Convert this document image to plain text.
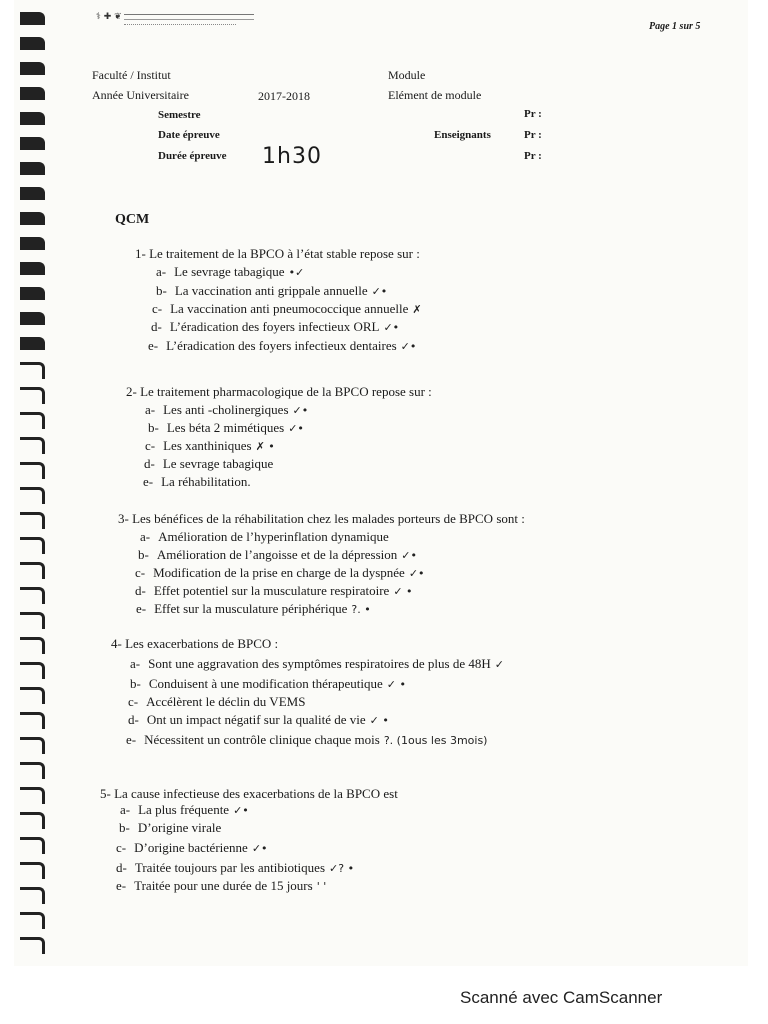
⚕ ✚ ❦
Page 1 sur 5
Faculté / Institut
Année Universitaire	2017-2018
Module
Elément de module
Semestre
Date épreuve
Durée épreuve 1h30
Enseignants
Pr :
Pr :
Pr :
QCM
1- Le traitement de la BPCO à l’état stable repose sur :
a- Le sevrage tabagique •✓
b- La vaccination anti grippale annuelle ✓•
c- La vaccination anti pneumococcique annuelle ✗
d- L’éradication des foyers infectieux ORL ✓•
e- L’éradication des foyers infectieux dentaires ✓•
2- Le traitement pharmacologique de la BPCO repose sur :
a- Les anti -cholinergiques ✓•
b- Les béta 2 mimétiques ✓•
c- Les xanthiniques ✗ •
d- Le sevrage tabagique
e- La réhabilitation.
3- Les bénéfices de la réhabilitation chez les malades porteurs de BPCO sont :
a- Amélioration de l’hyperinflation dynamique
b- Amélioration de l’angoisse et de la dépression ✓•
c- Modification de la prise en charge de la dyspnée ✓•
d- Effet potentiel sur la musculature respiratoire ✓ •
e- Effet sur la musculature périphérique ?. •
4- Les exacerbations de BPCO :
a- Sont une aggravation des symptômes respiratoires de plus de 48H ✓
b- Conduisent à une modification thérapeutique ✓ •
c- Accélèrent le déclin du VEMS
d- Ont un impact négatif sur la qualité de vie ✓ •
e- Nécessitent un contrôle clinique chaque mois ?. (1ous les 3mois)
5- La cause infectieuse des exacerbations de la BPCO est
a- La plus fréquente ✓•
b- D’origine virale
c- D’origine bactérienne ✓•
d- Traitée toujours par les antibiotiques ✓? •
e- Traitée pour une durée de 15 jours ' '
Scanné avec CamScanner
